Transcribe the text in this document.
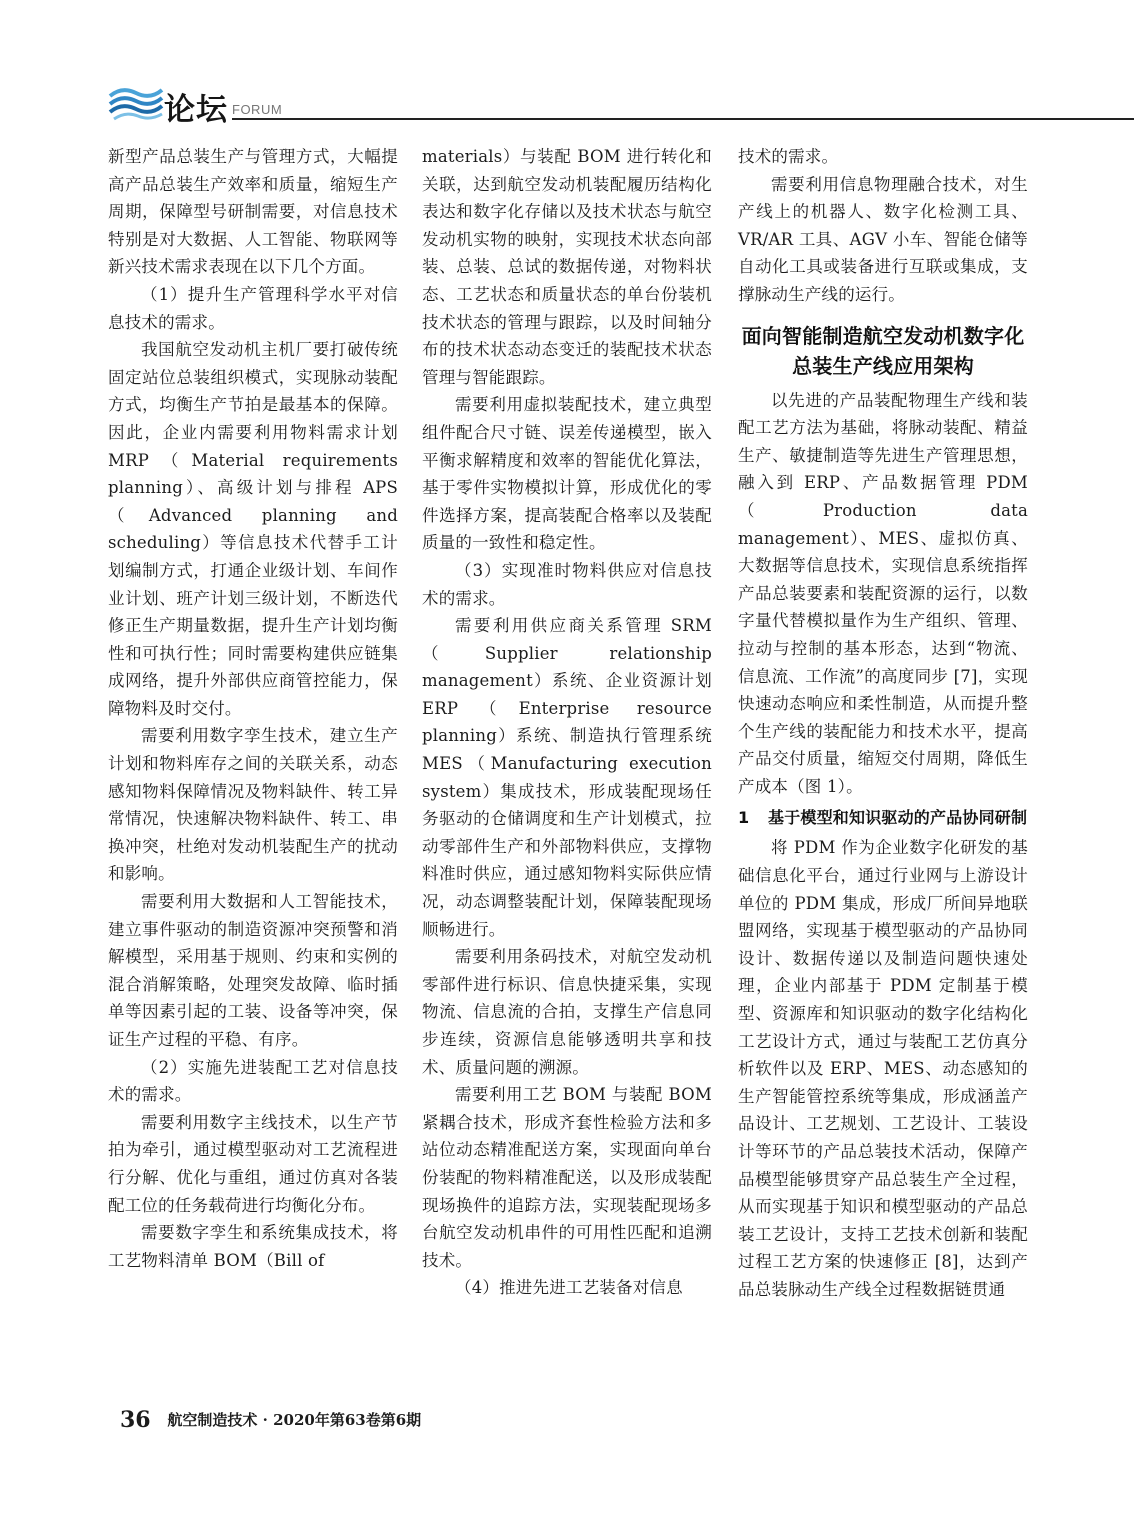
论坛 FORUM

新型产品总装生产与管理方式，大幅提高产品总装生产效率和质量，缩短生产周期，保障型号研制需要，对信息技术特别是对大数据、人工智能、物联网等新兴技术需求表现在以下几个方面。

（1）提升生产管理科学水平对信息技术的需求。

我国航空发动机主机厂要打破传统固定站位总装组织模式，实现脉动装配方式，均衡生产节拍是最基本的保障。因此，企业内需要利用物料需求计划 MRP（Material requirements planning）、高级计划与排程 APS（Advanced planning and scheduling）等信息技术代替手工计划编制方式，打通企业级计划、车间作业计划、班产计划三级计划，不断迭代修正生产期量数据，提升生产计划均衡性和可执行性；同时需要构建供应链集成网络，提升外部供应商管控能力，保障物料及时交付。

需要利用数字孪生技术，建立生产计划和物料库存之间的关联关系，动态感知物料保障情况及物料缺件、转工异常情况，快速解决物料缺件、转工、串换冲突，杜绝对发动机装配生产的扰动和影响。

需要利用大数据和人工智能技术，建立事件驱动的制造资源冲突预警和消解模型，采用基于规则、约束和实例的混合消解策略，处理突发故障、临时插单等因素引起的工装、设备等冲突，保证生产过程的平稳、有序。

（2）实施先进装配工艺对信息技术的需求。

需要利用数字主线技术，以生产节拍为牵引，通过模型驱动对工艺流程进行分解、优化与重组，通过仿真对各装配工位的任务载荷进行均衡化分布。

需要数字孪生和系统集成技术，将工艺物料清单 BOM（Bill of

materials）与装配 BOM 进行转化和关联，达到航空发动机装配履历结构化表达和数字化存储以及技术状态与航空发动机实物的映射，实现技术状态向部装、总装、总试的数据传递，对物料状态、工艺状态和质量状态的单台份装机技术状态的管理与跟踪，以及时间轴分布的技术状态动态变迁的装配技术状态管理与智能跟踪。

需要利用虚拟装配技术，建立典型组件配合尺寸链、误差传递模型，嵌入平衡求解精度和效率的智能优化算法，基于零件实物模拟计算，形成优化的零件选择方案，提高装配合格率以及装配质量的一致性和稳定性。

（3）实现准时物料供应对信息技术的需求。

需要利用供应商关系管理 SRM（Supplier relationship management）系统、企业资源计划 ERP（Enterprise resource planning）系统、制造执行管理系统 MES（Manufacturing execution system）集成技术，形成装配现场任务驱动的仓储调度和生产计划模式，拉动零部件生产和外部物料供应，支撑物料准时供应，通过感知物料实际供应情况，动态调整装配计划，保障装配现场顺畅进行。

需要利用条码技术，对航空发动机零部件进行标识、信息快捷采集，实现物流、信息流的合拍，支撑生产信息同步连续，资源信息能够透明共享和技术、质量问题的溯源。

需要利用工艺 BOM 与装配 BOM 紧耦合技术，形成齐套性检验方法和多站位动态精准配送方案，实现面向单台份装配的物料精准配送，以及形成装配现场换件的追踪方法，实现装配现场多台航空发动机串件的可用性匹配和追溯技术。

（4）推进先进工艺装备对信息

技术的需求。

需要利用信息物理融合技术，对生产线上的机器人、数字化检测工具、VR/AR 工具、AGV 小车、智能仓储等自动化工具或装备进行互联或集成，支撑脉动生产线的运行。

面向智能制造航空发动机数字化总装生产线应用架构

以先进的产品装配物理生产线和装配工艺方法为基础，将脉动装配、精益生产、敏捷制造等先进生产管理思想，融入到 ERP、产品数据管理 PDM（Production data management）、MES、虚拟仿真、大数据等信息技术，实现信息系统指挥产品总装要素和装配资源的运行，以数字量代替模拟量作为生产组织、管理、拉动与控制的基本形态，达到“物流、信息流、工作流”的高度同步 [7]，实现快速动态响应和柔性制造，从而提升整个生产线的装配能力和技术水平，提高产品交付质量，缩短交付周期，降低生产成本（图 1）。

1 基于模型和知识驱动的产品协同研制

将 PDM 作为企业数字化研发的基础信息化平台，通过行业网与上游设计单位的 PDM 集成，形成厂所间异地联盟网络，实现基于模型驱动的产品协同设计、数据传递以及制造问题快速处理，企业内部基于 PDM 定制基于模型、资源库和知识驱动的数字化结构化工艺设计方式，通过与装配工艺仿真分析软件以及 ERP、MES、动态感知的生产智能管控系统等集成，形成涵盖产品设计、工艺规划、工艺设计、工装设计等环节的产品总装技术活动，保障产品模型能够贯穿产品总装生产全过程，从而实现基于知识和模型驱动的产品总装工艺设计，支持工艺技术创新和装配过程工艺方案的快速修正 [8]，达到产品总装脉动生产线全过程数据链贯通

36 航空制造技术 · 2020年第63卷第6期
